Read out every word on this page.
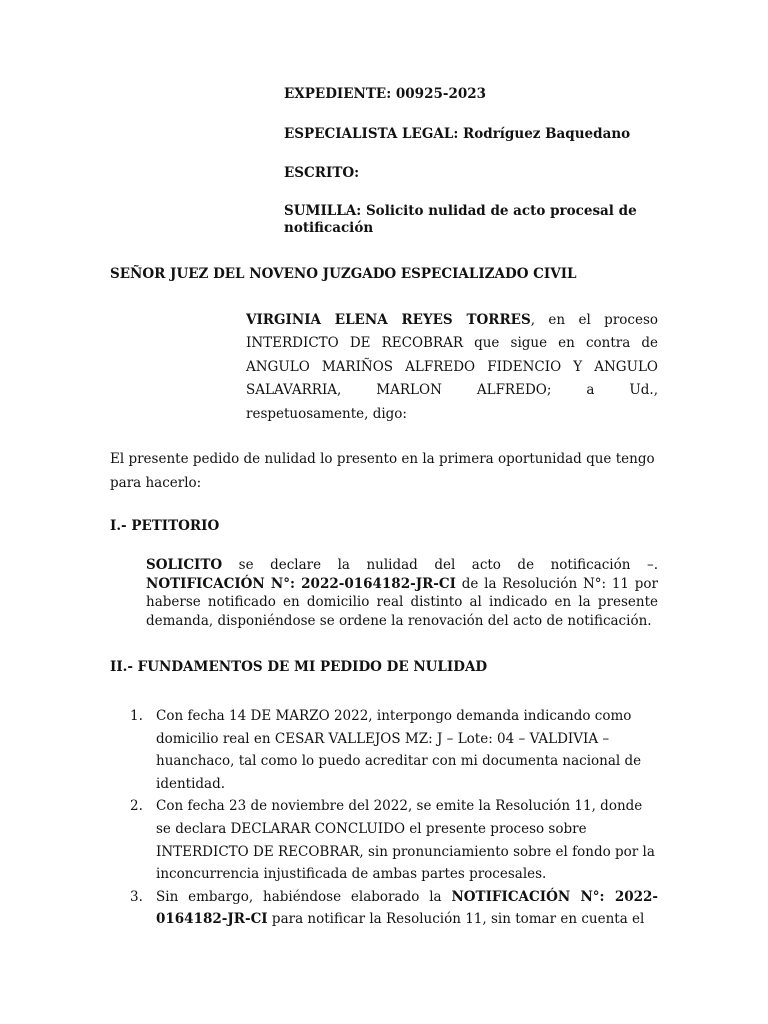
EXPEDIENTE: 00925-2023
ESPECIALISTA LEGAL: Rodríguez Baquedano
ESCRITO:
SUMILLA: Solicito nulidad de acto procesal de notificación
SEÑOR JUEZ DEL NOVENO JUZGADO ESPECIALIZADO CIVIL
VIRGINIA ELENA REYES TORRES, en el proceso
INTERDICTO DE RECOBRAR que sigue en contra de
ANGULO MARIÑOS ALFREDO FIDENCIO Y ANGULO
SALAVARRIA, MARLON ALFREDO; a Ud.,
respetuosamente, digo:
El presente pedido de nulidad lo presento en la primera oportunidad que tengo para hacerlo:
I.- PETITORIO
SOLICITO se declare la nulidad del acto de notificación –. NOTIFICACIÓN N°: 2022-0164182-JR-CI de la Resolución N°: 11 por haberse notificado en domicilio real distinto al indicado en la presente demanda, disponiéndose se ordene la renovación del acto de notificación.
II.- FUNDAMENTOS DE MI PEDIDO DE NULIDAD
1. Con fecha 14 DE MARZO 2022, interpongo demanda indicando como domicilio real en CESAR VALLEJOS MZ: J – Lote: 04 – VALDIVIA – huanchaco, tal como lo puedo acreditar con mi documenta nacional de identidad.
2. Con fecha 23 de noviembre del 2022, se emite la Resolución 11, donde se declara DECLARAR CONCLUIDO el presente proceso sobre INTERDICTO DE RECOBRAR, sin pronunciamiento sobre el fondo por la inconcurrencia injustificada de ambas partes procesales.
3. Sin embargo, habiéndose elaborado la NOTIFICACIÓN N°: 2022-0164182-JR-CI para notificar la Resolución 11, sin tomar en cuenta el
